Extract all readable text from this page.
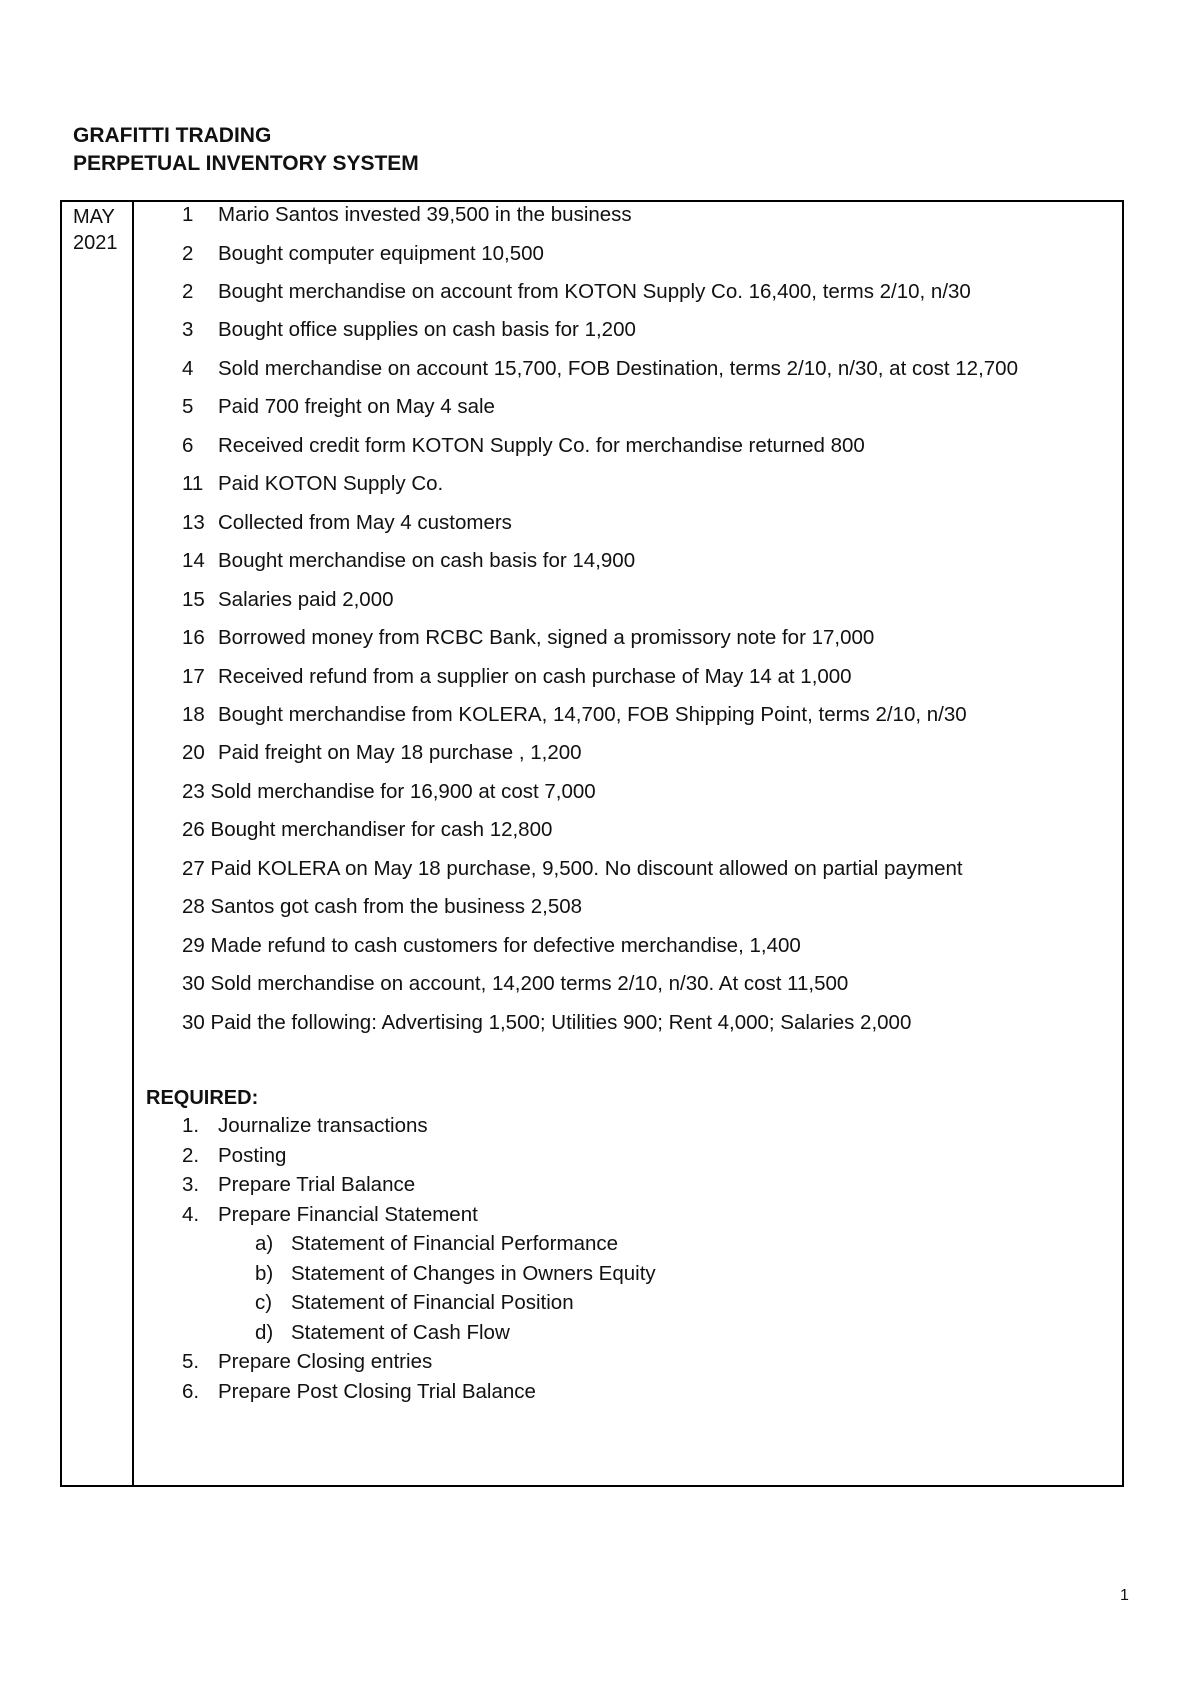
GRAFITTI TRADING
PERPETUAL INVENTORY SYSTEM
MAY
2021
1 Mario Santos invested 39,500 in the business
2 Bought computer equipment 10,500
2 Bought merchandise on account from KOTON Supply Co. 16,400, terms 2/10, n/30
3 Bought office supplies on cash basis for 1,200
4 Sold merchandise on account 15,700, FOB Destination, terms 2/10, n/30, at cost 12,700
5 Paid 700 freight on May 4 sale
6 Received credit form KOTON Supply Co. for merchandise returned 800
11 Paid KOTON Supply Co.
13 Collected from May 4 customers
14 Bought merchandise on cash basis for 14,900
15 Salaries paid 2,000
16 Borrowed money from RCBC Bank, signed a promissory note for 17,000
17 Received refund from a supplier on cash purchase of May 14 at 1,000
18 Bought merchandise from KOLERA, 14,700, FOB Shipping Point, terms 2/10, n/30
20 Paid freight on May 18 purchase , 1,200
23 Sold merchandise for 16,900 at cost 7,000
26 Bought merchandiser for cash 12,800
27 Paid KOLERA on May 18 purchase, 9,500. No discount allowed on partial payment
28 Santos got cash from the business 2,508
29 Made refund to cash customers for defective merchandise, 1,400
30 Sold merchandise on account, 14,200 terms 2/10, n/30. At cost 11,500
30 Paid the following: Advertising 1,500; Utilities 900; Rent 4,000; Salaries 2,000
REQUIRED:
1. Journalize transactions
2. Posting
3. Prepare Trial Balance
4. Prepare Financial Statement
a) Statement of Financial Performance
b) Statement of Changes in Owners Equity
c) Statement of Financial Position
d) Statement of Cash Flow
5. Prepare Closing entries
6. Prepare Post Closing Trial Balance
1
